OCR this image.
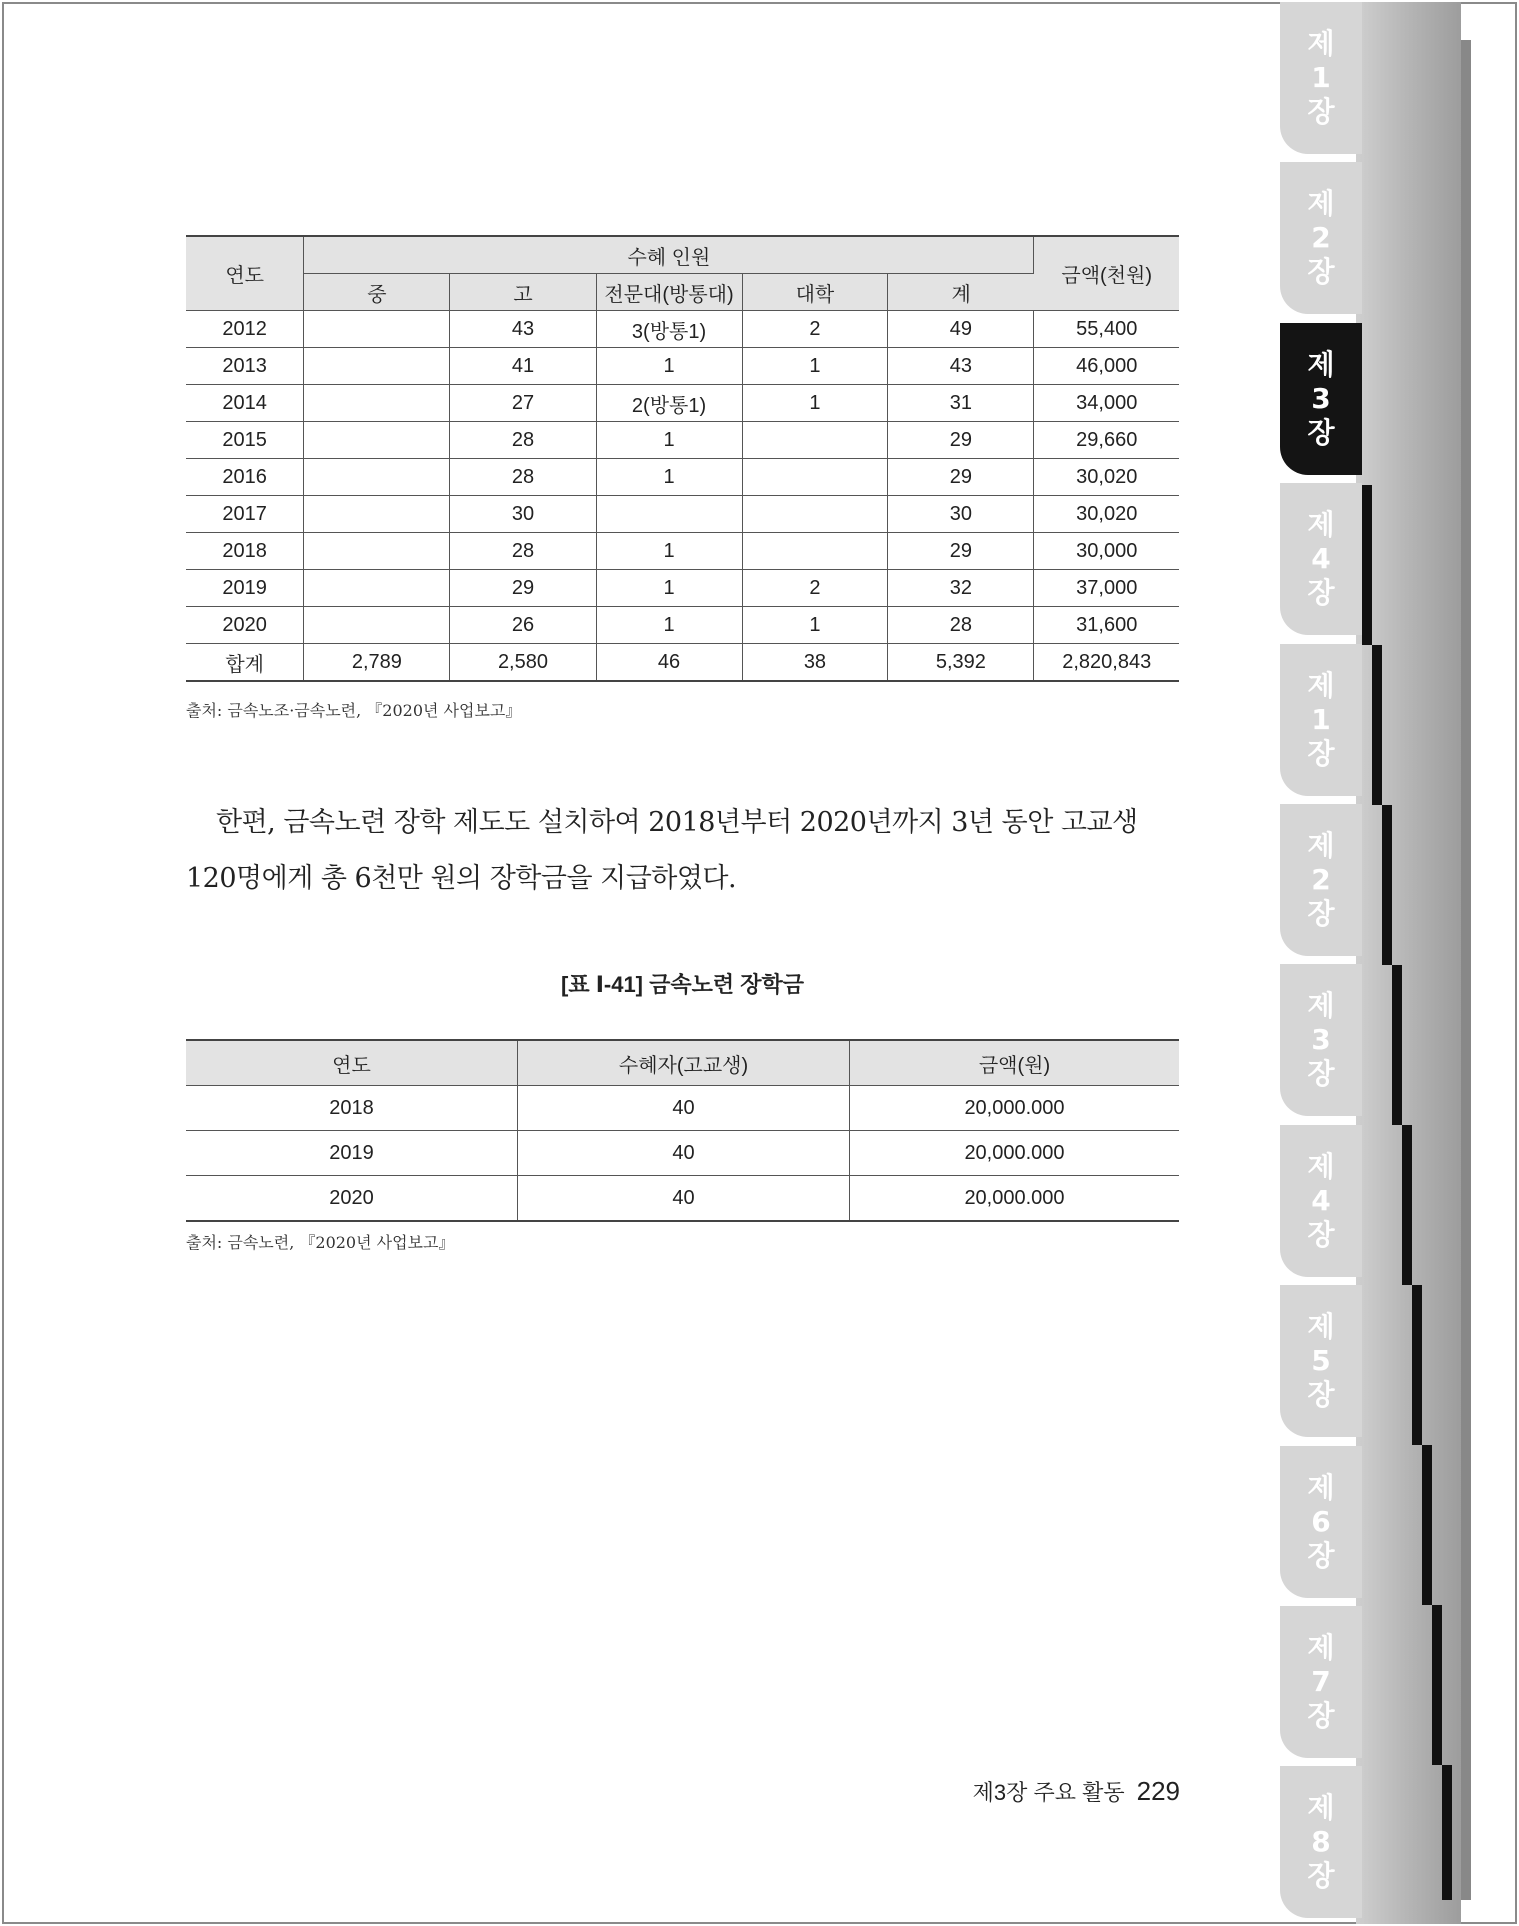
제
1
장
제
2
장
제
3
장
제
4
장
제
1
장
제
2
장
제
3
장
제
4
장
제
5
장
제
6
장
제
7
장
제
8
장
연도	수혜 인원					금액(천원)
	중	고	전문대(방통대)	대학	계	
2012		43	3(방통1)	2	49	55,400
2013		41	1	1	43	46,000
2014		27	2(방통1)	1	31	34,000
2015		28	1		29	29,660
2016		28	1		29	30,020
2017		30			30	30,020
2018		28	1		29	30,000
2019		29	1	2	32	37,000
2020		26	1	1	28	31,600
합계	2,789	2,580	46	38	5,392	2,820,843
출처: 금속노조·금속노련, 『2020년 사업보고』
한편, 금속노련 장학 제도도 설치하여 2018년부터 2020년까지 3년 동안 고교생 120명에게 총 6천만 원의 장학금을 지급하였다.
[표 Ⅰ-41] 금속노련 장학금
연도	수혜자(고교생)	금액(원)
2018	40	20,000.000
2019	40	20,000.000
2020	40	20,000.000
출처: 금속노련, 『2020년 사업보고』
제3장 주요 활동 229
